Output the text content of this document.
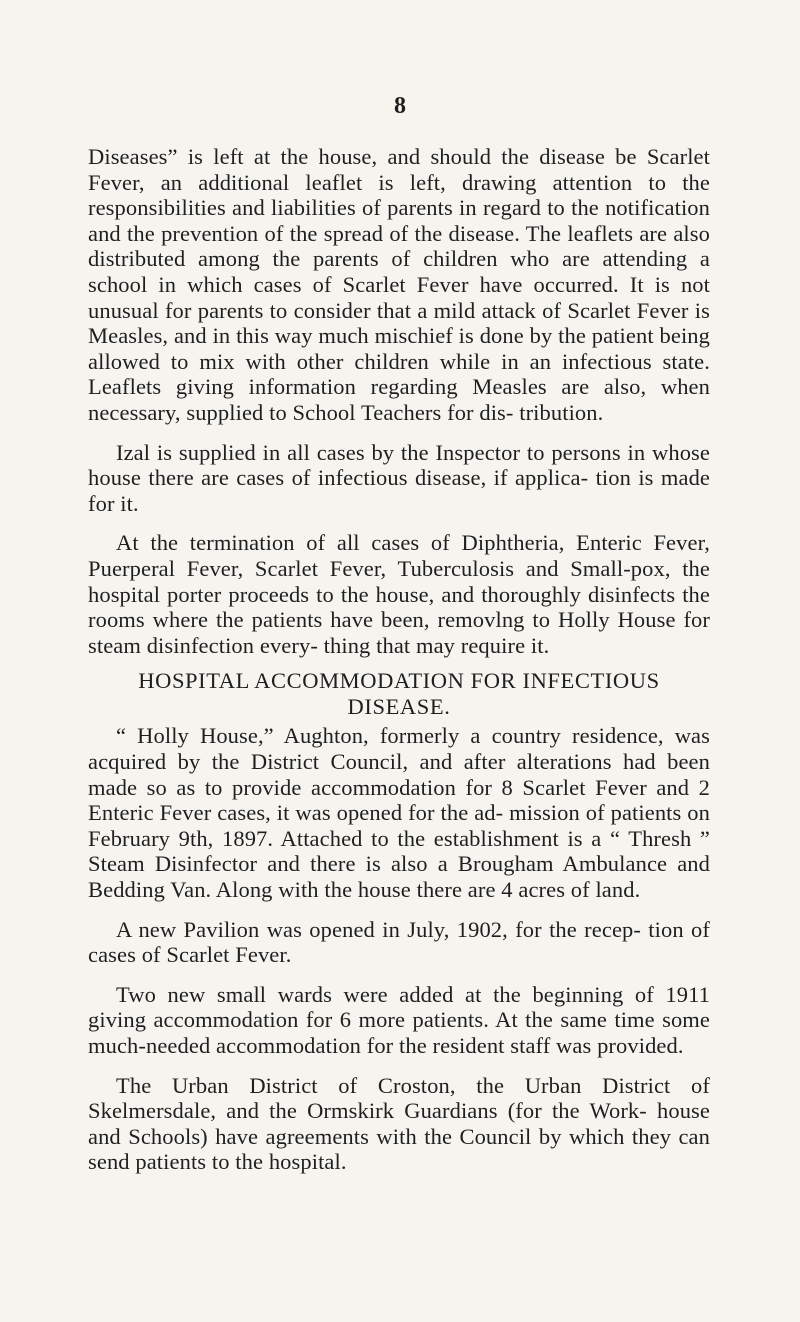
8

Diseases” is left at the house, and should the disease be Scarlet Fever, an additional leaflet is left, drawing attention to the responsibilities and liabilities of parents in regard to the notification and the prevention of the spread of the disease. The leaflets are also distributed among the parents of children who are attending a school in which cases of Scarlet Fever have occurred. It is not unusual for parents to consider that a mild attack of Scarlet Fever is Measles, and in this way much mischief is done by the patient being allowed to mix with other children while in an infectious state. Leaflets giving information regarding Measles are also, when necessary, supplied to School Teachers for dis- tribution.

Izal is supplied in all cases by the Inspector to persons in whose house there are cases of infectious disease, if applica- tion is made for it.

At the termination of all cases of Diphtheria, Enteric Fever, Puerperal Fever, Scarlet Fever, Tuberculosis and Small-pox, the hospital porter proceeds to the house, and thoroughly disinfects the rooms where the patients have been, removlng to Holly House for steam disinfection every- thing that may require it.

HOSPITAL ACCOMMODATION FOR INFECTIOUS
DISEASE.

“ Holly House,” Aughton, formerly a country residence, was acquired by the District Council, and after alterations had been made so as to provide accommodation for 8 Scarlet Fever and 2 Enteric Fever cases, it was opened for the ad- mission of patients on February 9th, 1897. Attached to the establishment is a “ Thresh ” Steam Disinfector and there is also a Brougham Ambulance and Bedding Van. Along with the house there are 4 acres of land.

A new Pavilion was opened in July, 1902, for the recep- tion of cases of Scarlet Fever.

Two new small wards were added at the beginning of 1911 giving accommodation for 6 more patients. At the same time some much-needed accommodation for the resident staff was provided.

The Urban District of Croston, the Urban District of Skelmersdale, and the Ormskirk Guardians (for the Work- house and Schools) have agreements with the Council by which they can send patients to the hospital.
